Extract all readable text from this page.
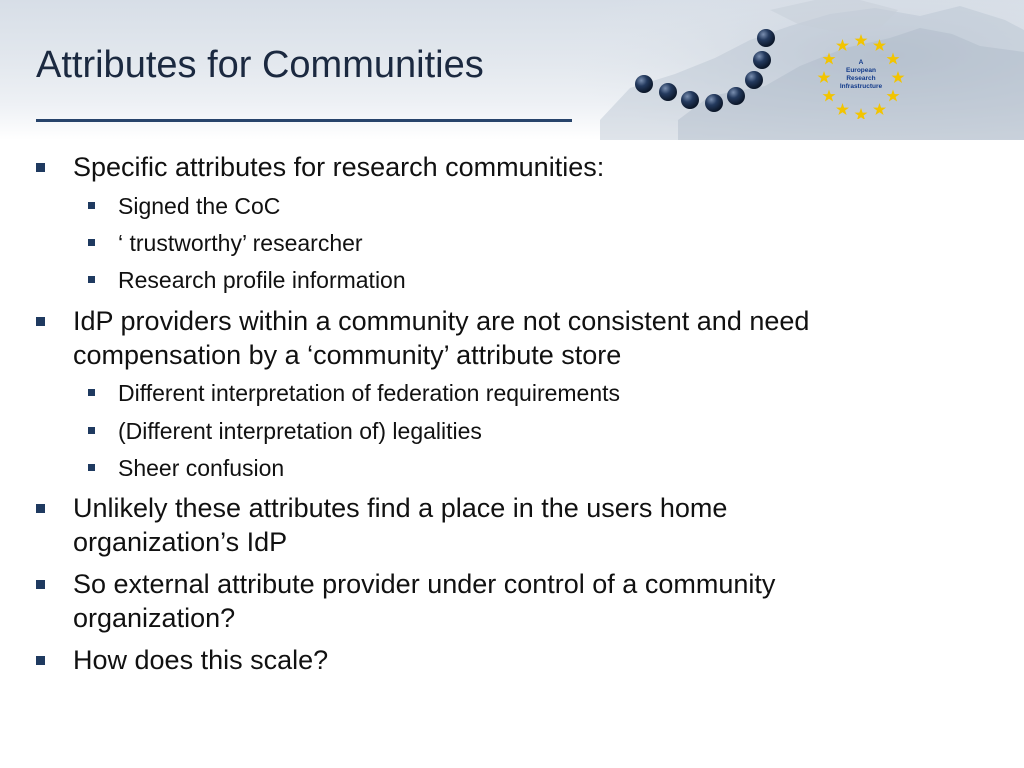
A
European
Research
Infrastructure
Attributes for Communities
Specific attributes for research communities:
Signed the CoC
‘ trustworthy’ researcher
Research profile information
IdP providers within a community are not consistent and need
compensation by a ‘community’ attribute store
Different interpretation of federation requirements
(Different interpretation of) legalities
Sheer confusion
Unlikely these attributes find a place in the users home
organization’s IdP
So external attribute provider under control of a community
organization?
How does this scale?
